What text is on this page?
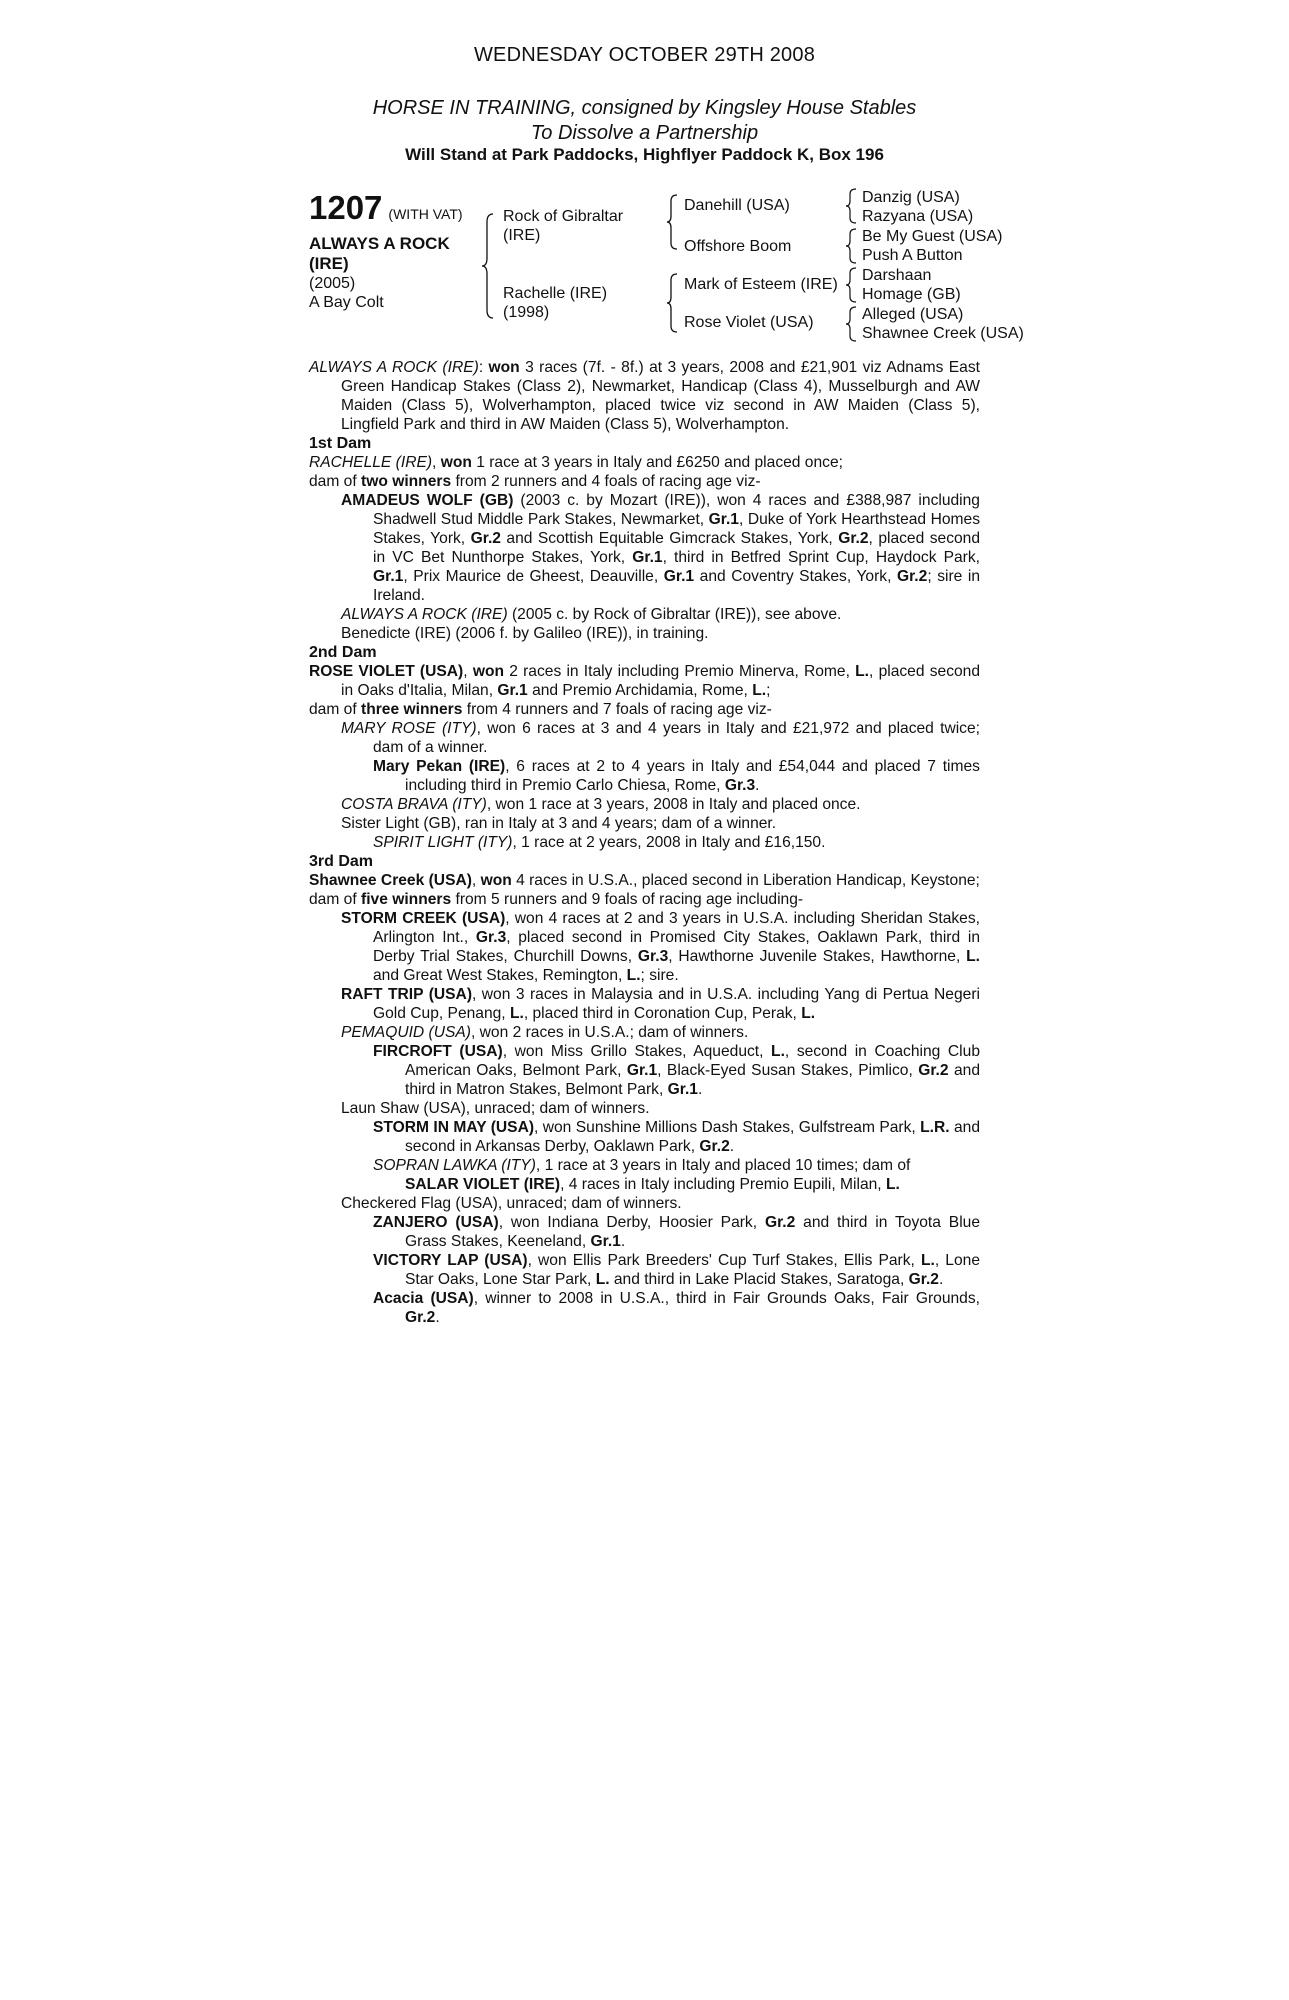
WEDNESDAY OCTOBER 29TH 2008
HORSE IN TRAINING, consigned by Kingsley House Stables
To Dissolve a Partnership
Will Stand at Park Paddocks, Highflyer Paddock K, Box 196
1207 (WITH VAT)
ALWAYS A ROCK
(IRE)
(2005)
A Bay Colt
Rock of Gibraltar
(IRE)
Rachelle (IRE)
(1998)
Danehill (USA)
Offshore Boom
Mark of Esteem (IRE)
Rose Violet (USA)
Danzig (USA)
Razyana (USA)
Be My Guest (USA)
Push A Button
Darshaan
Homage (GB)
Alleged (USA)
Shawnee Creek (USA)

ALWAYS A ROCK (IRE): won 3 races (7f. - 8f.) at 3 years, 2008 and £21,901 viz Adnams East Green Handicap Stakes (Class 2), Newmarket, Handicap (Class 4), Musselburgh and AW Maiden (Class 5), Wolverhampton, placed twice viz second in AW Maiden (Class 5), Lingfield Park and third in AW Maiden (Class 5), Wolverhampton.

1st Dam

RACHELLE (IRE), won 1 race at 3 years in Italy and £6250 and placed once;

dam of two winners from 2 runners and 4 foals of racing age viz-

AMADEUS WOLF (GB) (2003 c. by Mozart (IRE)), won 4 races and £388,987 including Shadwell Stud Middle Park Stakes, Newmarket, Gr.1, Duke of York Hearthstead Homes Stakes, York, Gr.2 and Scottish Equitable Gimcrack Stakes, York, Gr.2, placed second in VC Bet Nunthorpe Stakes, York, Gr.1, third in Betfred Sprint Cup, Haydock Park, Gr.1, Prix Maurice de Gheest, Deauville, Gr.1 and Coventry Stakes, York, Gr.2; sire in Ireland.

ALWAYS A ROCK (IRE) (2005 c. by Rock of Gibraltar (IRE)), see above.

Benedicte (IRE) (2006 f. by Galileo (IRE)), in training.

2nd Dam

ROSE VIOLET (USA), won 2 races in Italy including Premio Minerva, Rome, L., placed second in Oaks d'Italia, Milan, Gr.1 and Premio Archidamia, Rome, L.;

dam of three winners from 4 runners and 7 foals of racing age viz-

MARY ROSE (ITY), won 6 races at 3 and 4 years in Italy and £21,972 and placed twice; dam of a winner.

Mary Pekan (IRE), 6 races at 2 to 4 years in Italy and £54,044 and placed 7 times including third in Premio Carlo Chiesa, Rome, Gr.3.

COSTA BRAVA (ITY), won 1 race at 3 years, 2008 in Italy and placed once.

Sister Light (GB), ran in Italy at 3 and 4 years; dam of a winner.

SPIRIT LIGHT (ITY), 1 race at 2 years, 2008 in Italy and £16,150.

3rd Dam

Shawnee Creek (USA), won 4 races in U.S.A., placed second in Liberation Handicap, Keystone;

dam of five winners from 5 runners and 9 foals of racing age including-

STORM CREEK (USA), won 4 races at 2 and 3 years in U.S.A. including Sheridan Stakes, Arlington Int., Gr.3, placed second in Promised City Stakes, Oaklawn Park, third in Derby Trial Stakes, Churchill Downs, Gr.3, Hawthorne Juvenile Stakes, Hawthorne, L. and Great West Stakes, Remington, L.; sire.

RAFT TRIP (USA), won 3 races in Malaysia and in U.S.A. including Yang di Pertua Negeri Gold Cup, Penang, L., placed third in Coronation Cup, Perak, L.

PEMAQUID (USA), won 2 races in U.S.A.; dam of winners.

FIRCROFT (USA), won Miss Grillo Stakes, Aqueduct, L., second in Coaching Club American Oaks, Belmont Park, Gr.1, Black-Eyed Susan Stakes, Pimlico, Gr.2 and third in Matron Stakes, Belmont Park, Gr.1.

Laun Shaw (USA), unraced; dam of winners.

STORM IN MAY (USA), won Sunshine Millions Dash Stakes, Gulfstream Park, L.R. and second in Arkansas Derby, Oaklawn Park, Gr.2.

SOPRAN LAWKA (ITY), 1 race at 3 years in Italy and placed 10 times; dam of

SALAR VIOLET (IRE), 4 races in Italy including Premio Eupili, Milan, L.

Checkered Flag (USA), unraced; dam of winners.

ZANJERO (USA), won Indiana Derby, Hoosier Park, Gr.2 and third in Toyota Blue Grass Stakes, Keeneland, Gr.1.

VICTORY LAP (USA), won Ellis Park Breeders' Cup Turf Stakes, Ellis Park, L., Lone Star Oaks, Lone Star Park, L. and third in Lake Placid Stakes, Saratoga, Gr.2.

Acacia (USA), winner to 2008 in U.S.A., third in Fair Grounds Oaks, Fair Grounds, Gr.2.
